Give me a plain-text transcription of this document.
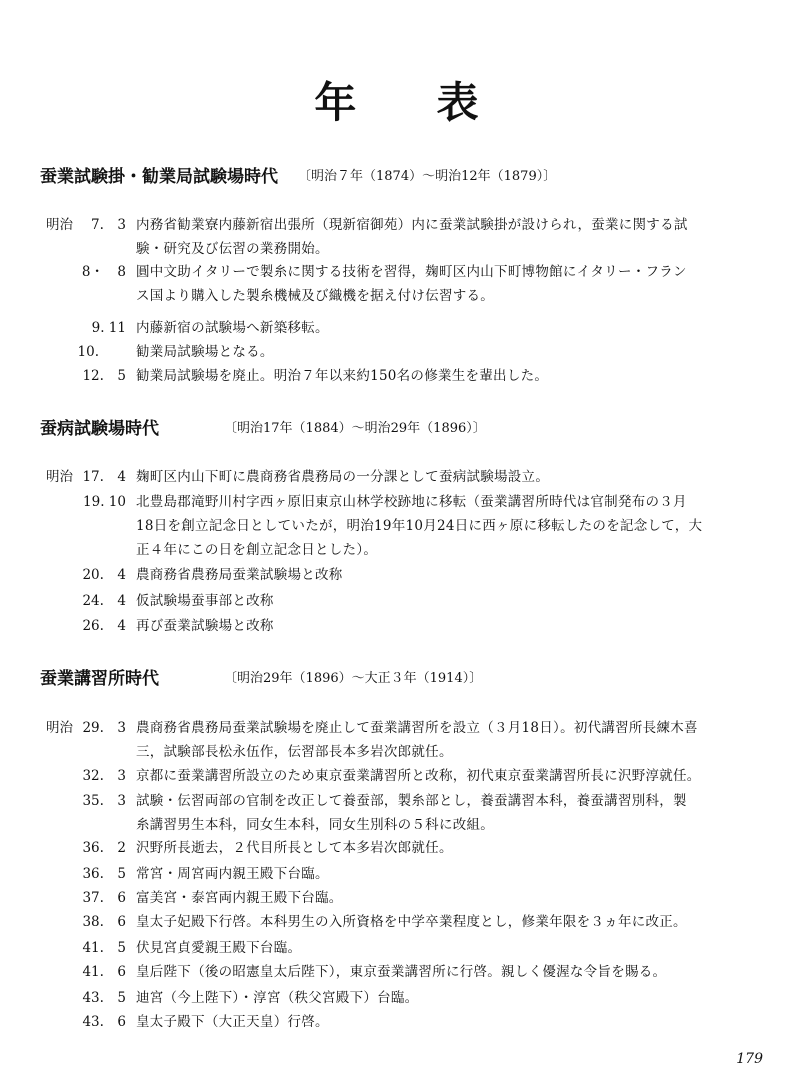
年 表
蚕業試験掛・勧業局試験場時代 〔明治７年（1874）～明治12年（1879）〕
明治	7.　3 内務省勧業寮内藤新宿出張所（現新宿御苑）内に蚕業試験掛が設けられ，蚕業に関する試
験・研究及び伝習の業務開始。
8・　8 圓中文助イタリーで製糸に関する技術を習得，麹町区内山下町博物館にイタリー・フラン
ス国より購入した製糸機械及び織機を据え付け伝習する。
9. 11 内藤新宿の試験場へ新築移転。
10.　　 勧業局試験場となる。
12.　5 勧業局試験場を廃止。明治７年以来約150名の修業生を輩出した。
蚕病試験場時代	〔明治17年（1884）～明治29年（1896）〕
明治 17.　4 麹町区内山下町に農商務省農務局の一分課として蚕病試験場設立。
19. 10 北豊島郡滝野川村字西ヶ原旧東京山林学校跡地に移転（蚕業講習所時代は官制発布の３月
18日を創立記念日としていたが，明治19年10月24日に西ヶ原に移転したのを記念して，大
正４年にこの日を創立記念日とした）。
20.　4 農商務省農務局蚕業試験場と改称
24.　4 仮試験場蚕事部と改称
26.　4 再び蚕業試験場と改称
蚕業講習所時代	〔明治29年（1896）～大正３年（1914）〕
明治 29.　3 農商務省農務局蚕業試験場を廃止して蚕業講習所を設立（３月18日）。初代講習所長練木喜
三，試験部長松永伍作，伝習部長本多岩次郎就任。
32.　3 京都に蚕業講習所設立のため東京蚕業講習所と改称，初代東京蚕業講習所長に沢野淳就任。
35.　3 試験・伝習両部の官制を改正して養蚕部，製糸部とし，養蚕講習本科，養蚕講習別科，製
糸講習男生本科，同女生本科，同女生別科の５科に改組。
36.　2 沢野所長逝去，２代目所長として本多岩次郎就任。
36.　5 常宮・周宮両内親王殿下台臨。
37.　6 富美宮・泰宮両内親王殿下台臨。
38.　6 皇太子妃殿下行啓。本科男生の入所資格を中学卒業程度とし，修業年限を３ヵ年に改正。
41.　5 伏見宮貞愛親王殿下台臨。
41.　6 皇后陛下（後の昭憲皇太后陛下），東京蚕業講習所に行啓。親しく優渥な令旨を賜る。
43.　5 迪宮（今上陛下）・淳宮（秩父宮殿下）台臨。
43.　6 皇太子殿下（大正天皇）行啓。
179
